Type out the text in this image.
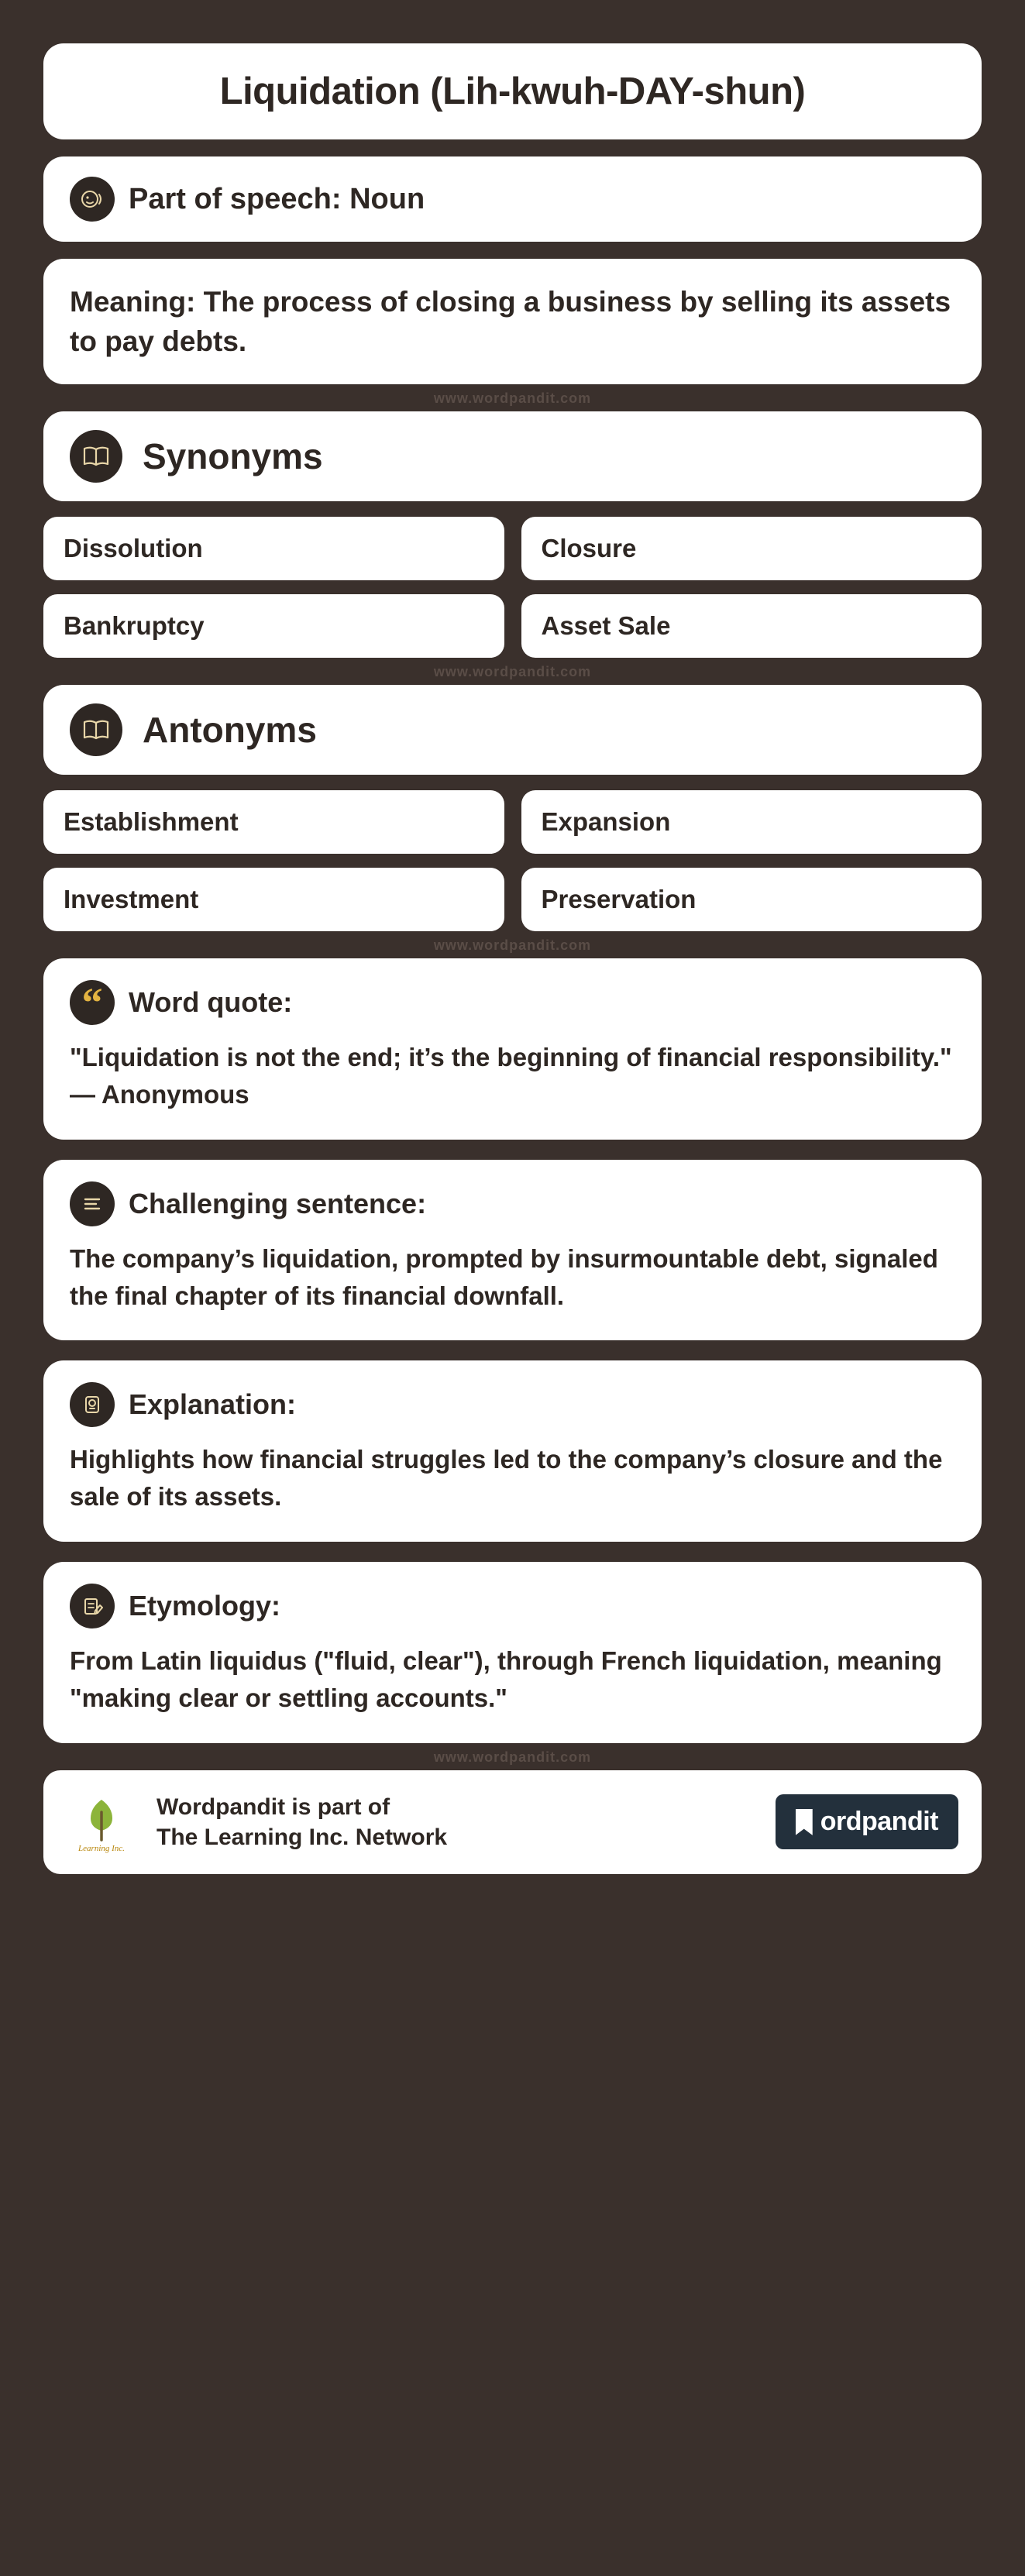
Liquidation (Lih-kwuh-DAY-shun)
Part of speech: Noun
Meaning: The process of closing a business by selling its assets to pay debts.
www.wordpandit.com
Synonyms
Dissolution	Closure
Bankruptcy	Asset Sale
www.wordpandit.com
Antonyms
Establishment	Expansion
Investment	Preservation
www.wordpandit.com
“ Word quote:
"Liquidation is not the end; it’s the beginning of financial responsibility." — Anonymous
Challenging sentence:
The company’s liquidation, prompted by insurmountable debt, signaled the final chapter of its financial downfall.
Explanation:
Highlights how financial struggles led to the company’s closure and the sale of its assets.
Etymology:
From Latin liquidus ("fluid, clear"), through French liquidation, meaning "making clear or settling accounts."
www.wordpandit.com
Learning Inc.
Wordpandit is part of
The Learning Inc. Network
ordpandit
